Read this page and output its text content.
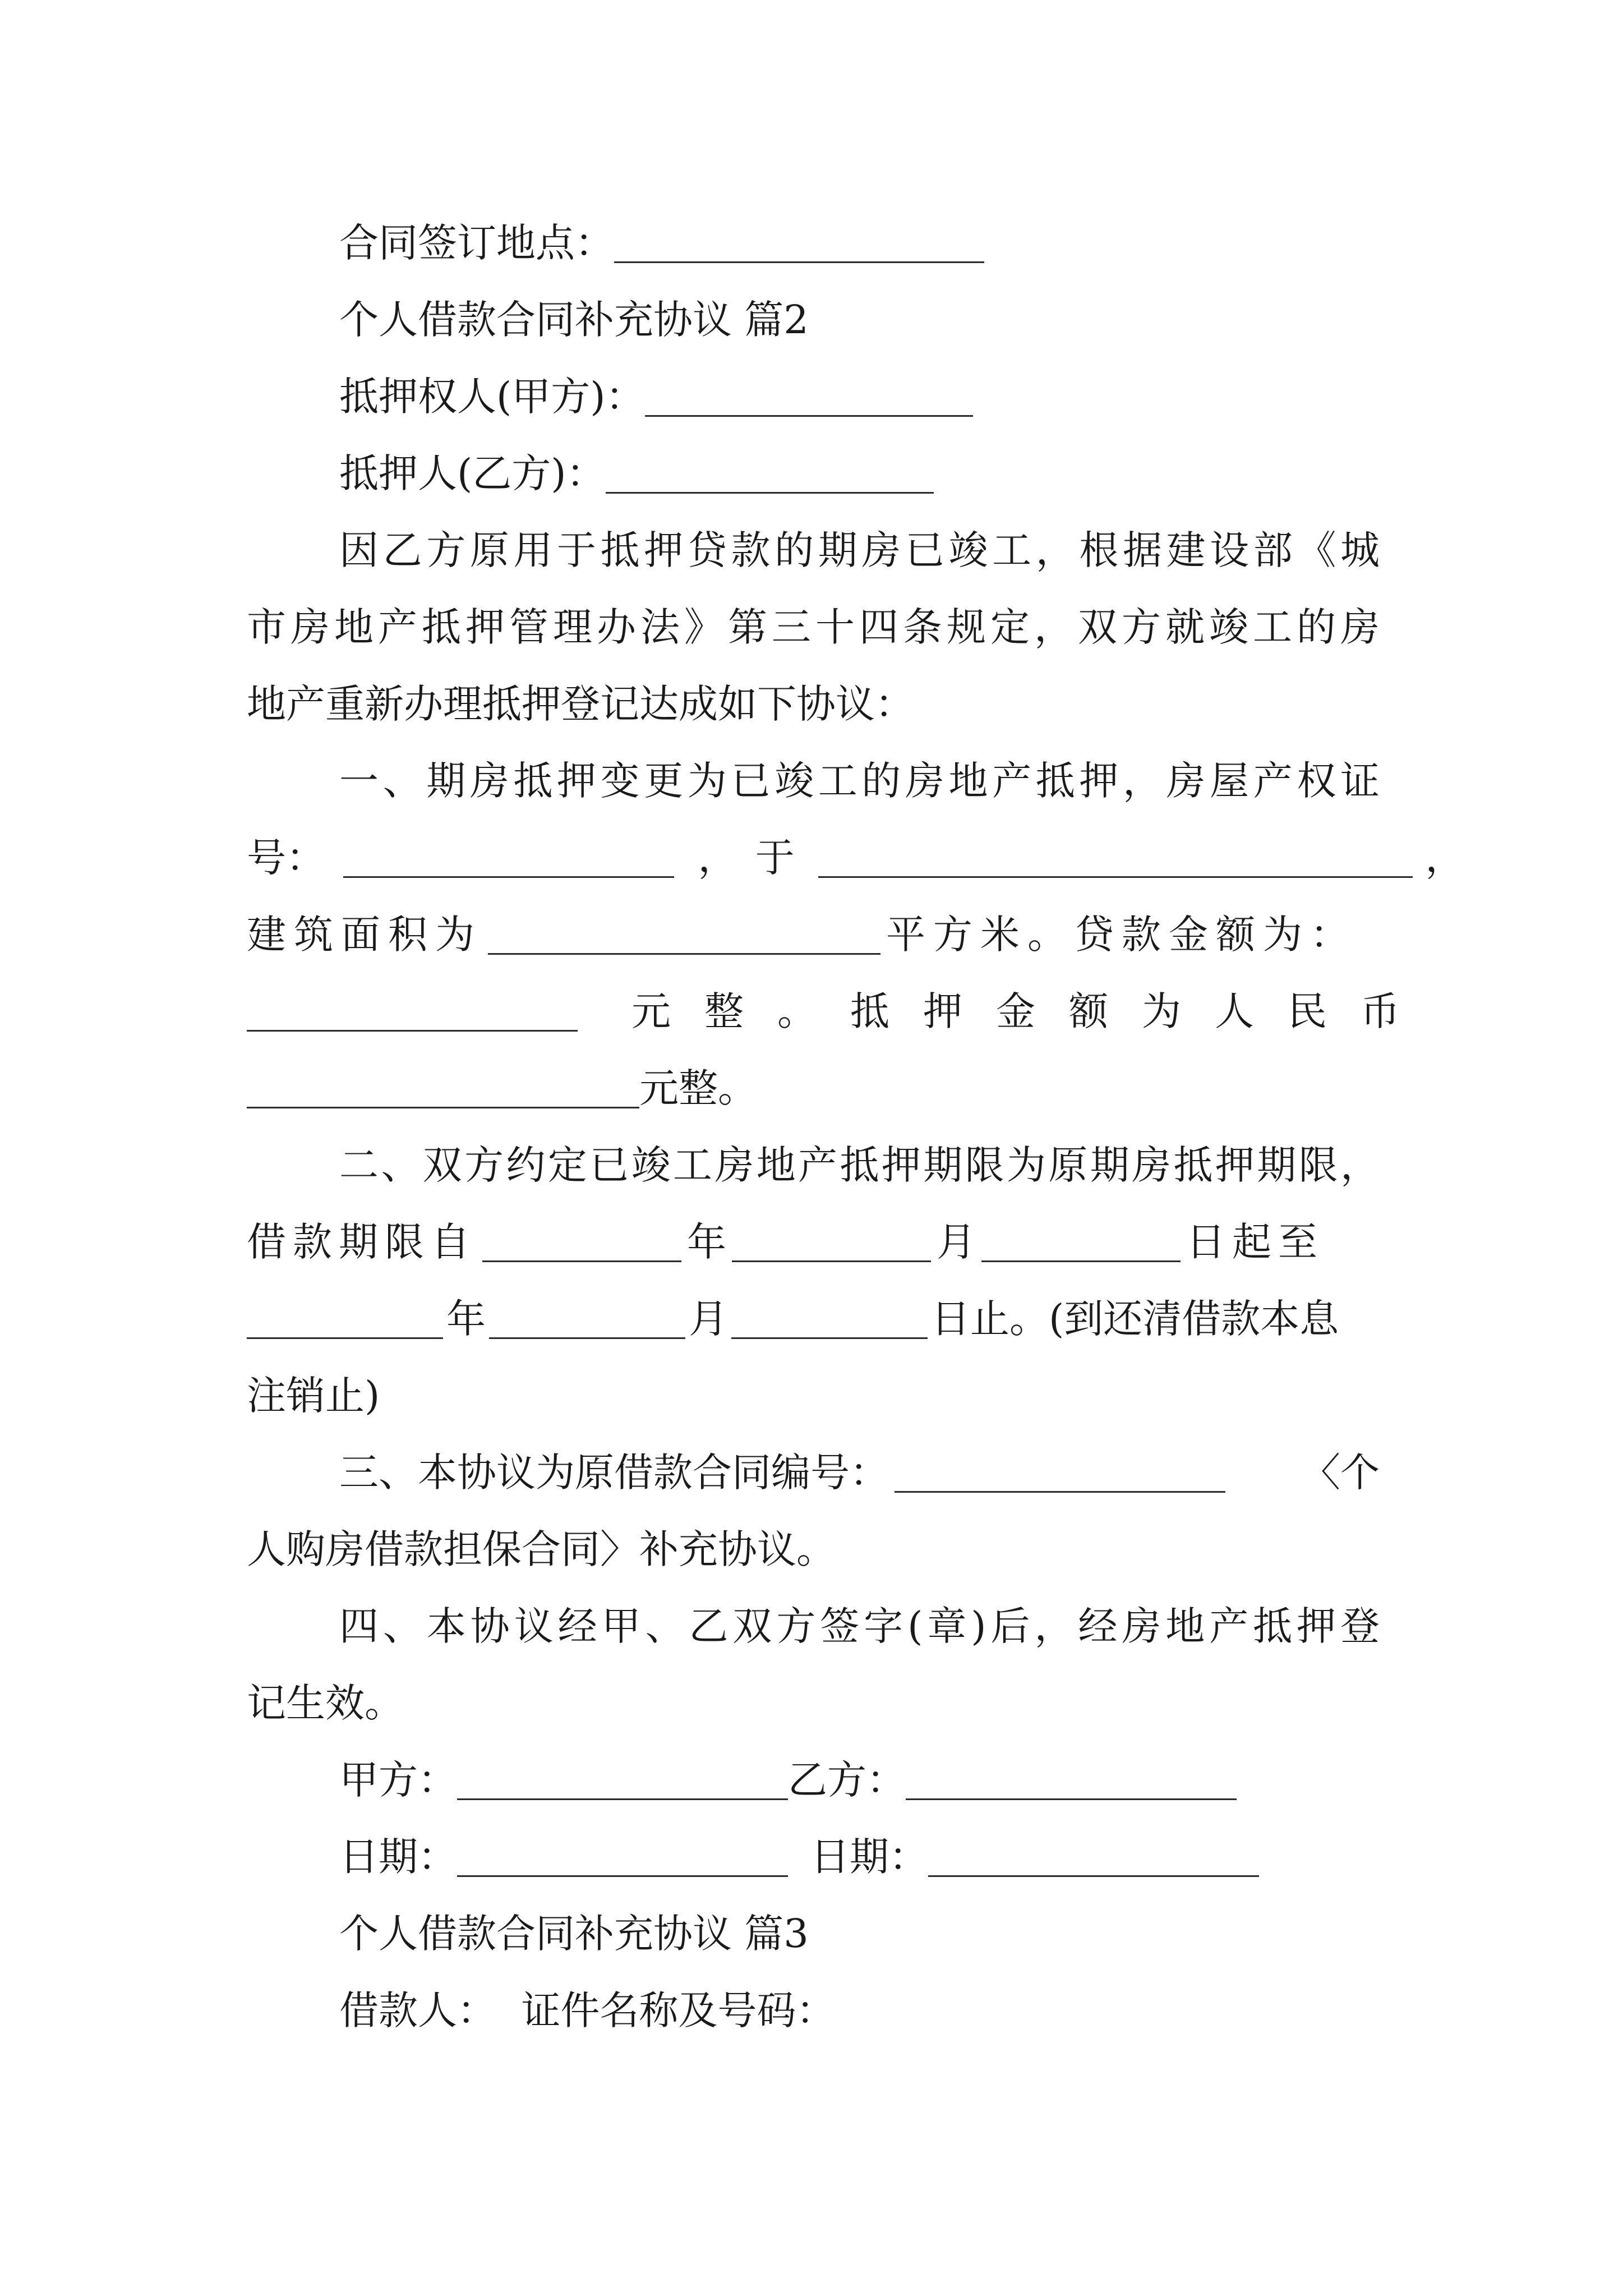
合同签订地点：
个人借款合同补充协议 篇2
抵押权人(甲方)：
抵押人(乙方)：
因乙方原用于抵押贷款的期房已竣工，根据建设部《城
市房地产抵押管理办法》第三十四条规定，双方就竣工的房
地产重新办理抵押登记达成如下协议：
一、期房抵押变更为已竣工的房地产抵押，房屋产权证
号：	， 于	，
建筑面积为	平方米。贷款金额为：
元整。抵押金额为人民币
元整。
二、双方约定已竣工房地产抵押期限为原期房抵押期限，
借款期限自	年	月	日起至
年	月	日止。(到还清借款本息
注销止)
三、本协议为原借款合同编号：	〈个
人购房借款担保合同〉补充协议。
四、本协议经甲、乙双方签字(章)后，经房地产抵押登
记生效。
甲方：	乙方：
日期：	日期：
个人借款合同补充协议 篇3
借款人：  证件名称及号码：
